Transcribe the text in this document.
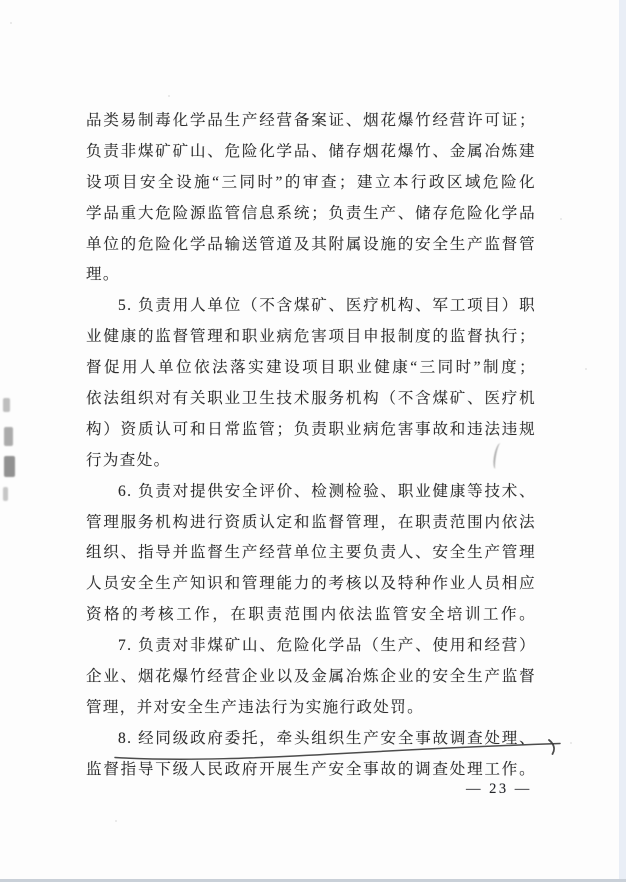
品类易制毒化学品生产经营备案证、烟花爆竹经营许可证；
负责非煤矿矿山、危险化学品、储存烟花爆竹、金属冶炼建
设项目安全设施“三同时”的审查；建立本行政区域危险化
学品重大危险源监管信息系统；负责生产、储存危险化学品
单位的危险化学品输送管道及其附属设施的安全生产监督管
理。
5. 负责用人单位（不含煤矿、医疗机构、军工项目）职
业健康的监督管理和职业病危害项目申报制度的监督执行；
督促用人单位依法落实建设项目职业健康“三同时”制度；
依法组织对有关职业卫生技术服务机构（不含煤矿、医疗机
构）资质认可和日常监管；负责职业病危害事故和违法违规
行为查处。
6. 负责对提供安全评价、检测检验、职业健康等技术、
管理服务机构进行资质认定和监督管理，在职责范围内依法
组织、指导并监督生产经营单位主要负责人、安全生产管理
人员安全生产知识和管理能力的考核以及特种作业人员相应
资格的考核工作，在职责范围内依法监管安全培训工作。
7. 负责对非煤矿山、危险化学品（生产、使用和经营）
企业、烟花爆竹经营企业以及金属冶炼企业的安全生产监督
管理，并对安全生产违法行为实施行政处罚。
8. 经同级政府委托，牵头组织生产安全事故调查处理、
监督指导下级人民政府开展生产安全事故的调查处理工作。
— 23 —
